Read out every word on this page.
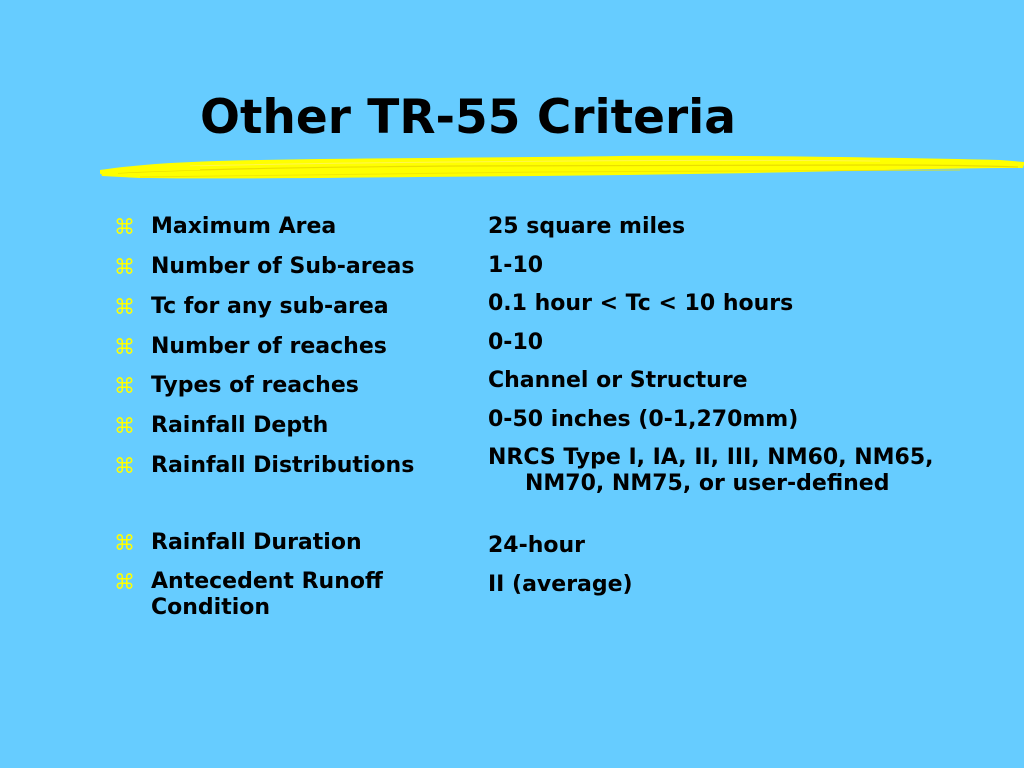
Other TR-55 Criteria
⌘ Maximum Area
⌘ Number of Sub-areas
⌘ Tc for any sub-area
⌘ Number of reaches
⌘ Types of reaches
⌘ Rainfall Depth
⌘ Rainfall Distributions
⌘ Rainfall Duration
⌘ Antecedent Runoff Condition
25 square miles
1-10
0.1 hour < Tc < 10 hours
0-10
Channel or Structure
0-50 inches (0-1,270mm)
NRCS Type I, IA, II, III, NM60, NM65, NM70, NM75, or user-defined
24-hour
II (average)
